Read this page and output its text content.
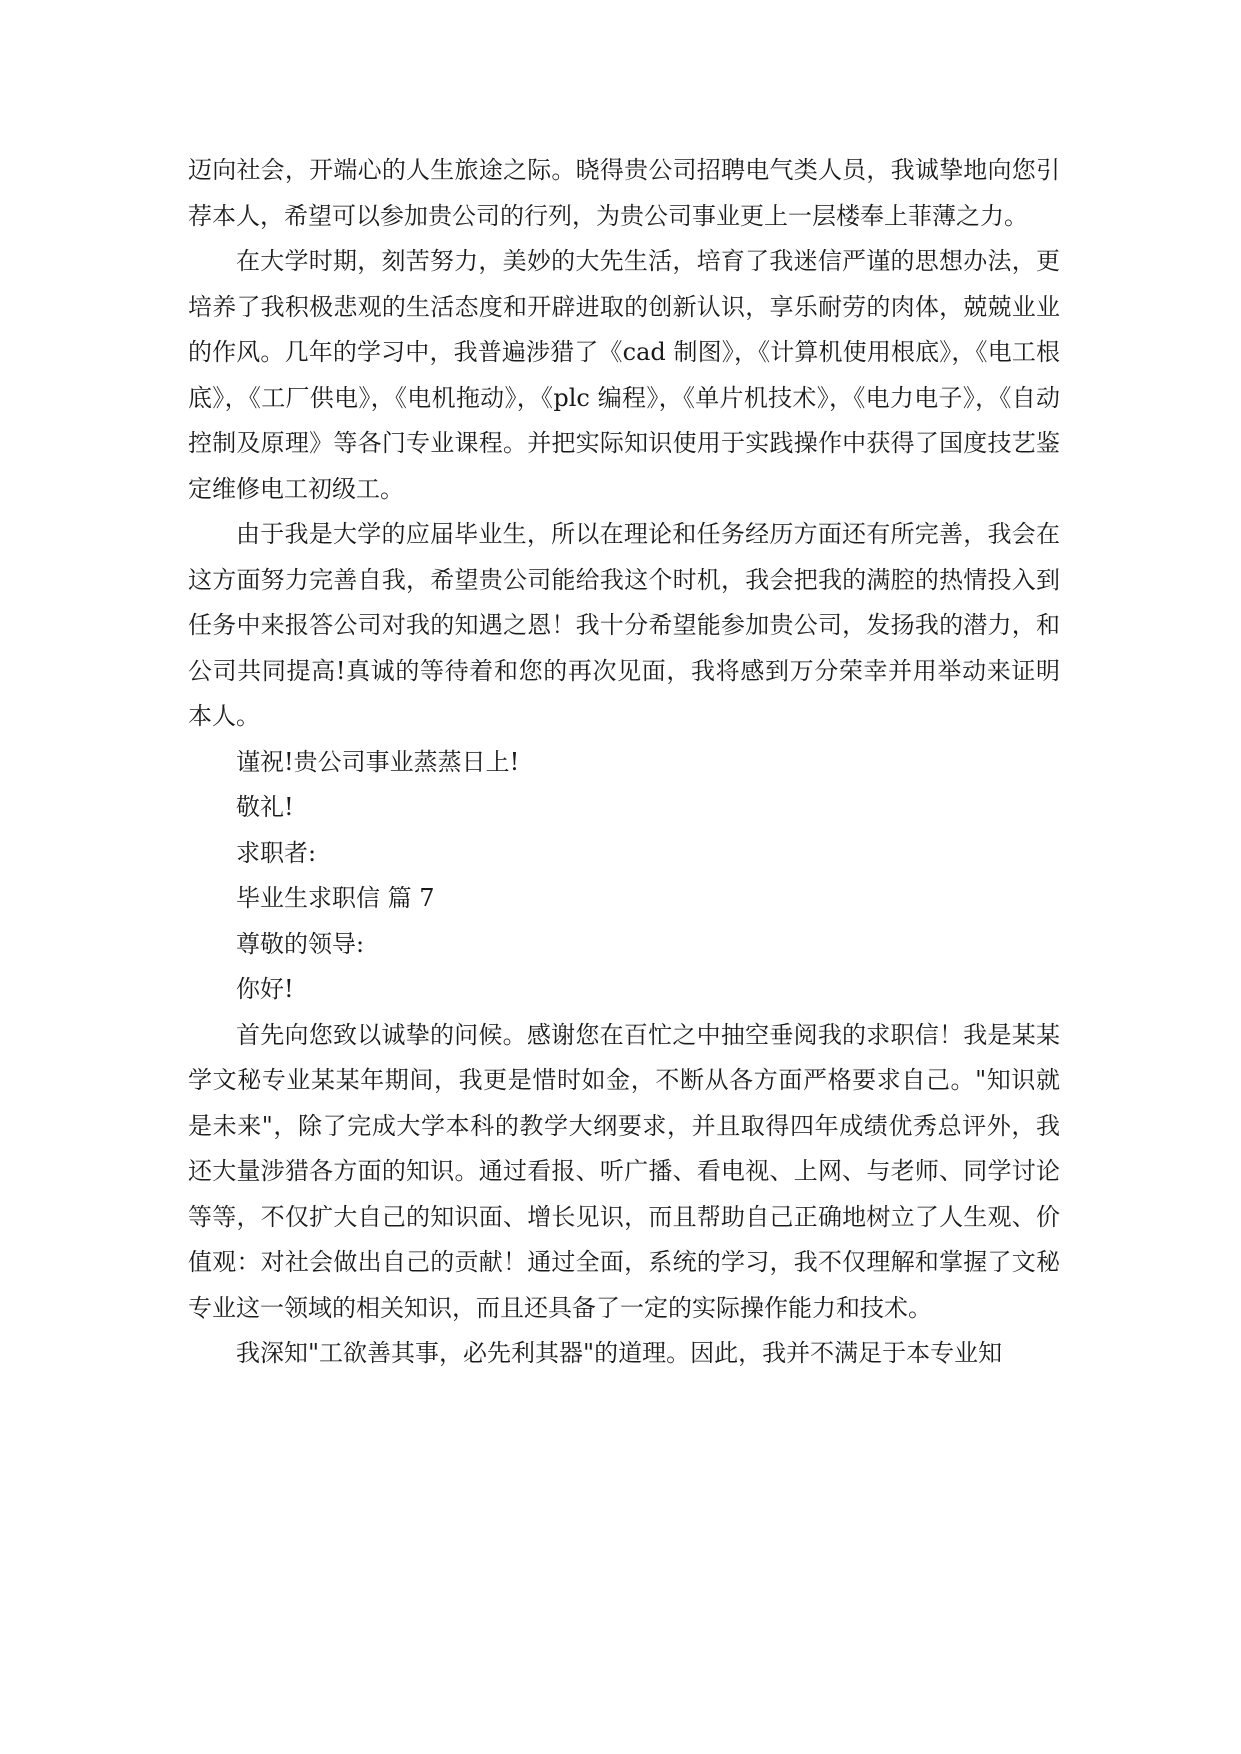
迈向社会，开端心的人生旅途之际。晓得贵公司招聘电气类人员，我诚挚地向您引荐本人，希望可以参加贵公司的行列，为贵公司事业更上一层楼奉上菲薄之力。

在大学时期，刻苦努力，美妙的大先生活，培育了我迷信严谨的思想办法，更培养了我积极悲观的生活态度和开辟进取的创新认识，享乐耐劳的肉体，兢兢业业的作风。几年的学习中，我普遍涉猎了《cad 制图》，《计算机使用根底》，《电工根底》，《工厂供电》，《电机拖动》，《plc 编程》，《单片机技术》，《电力电子》，《自动控制及原理》等各门专业课程。并把实际知识使用于实践操作中获得了国度技艺鉴定维修电工初级工。

由于我是大学的应届毕业生，所以在理论和任务经历方面还有所完善，我会在这方面努力完善自我，希望贵公司能给我这个时机，我会把我的满腔的热情投入到任务中来报答公司对我的知遇之恩！我十分希望能参加贵公司，发扬我的潜力，和公司共同提高!真诚的等待着和您的再次见面，我将感到万分荣幸并用举动来证明本人。

谨祝!贵公司事业蒸蒸日上!

敬礼!

求职者:

毕业生求职信 篇 7

尊敬的领导:

你好!

首先向您致以诚挚的问候。感谢您在百忙之中抽空垂阅我的求职信！我是某某学文秘专业某某年期间，我更是惜时如金，不断从各方面严格要求自己。"知识就是未来"，除了完成大学本科的教学大纲要求，并且取得四年成绩优秀总评外，我还大量涉猎各方面的知识。通过看报、听广播、看电视、上网、与老师、同学讨论等等，不仅扩大自己的知识面、增长见识，而且帮助自己正确地树立了人生观、价值观：对社会做出自己的贡献！通过全面，系统的学习，我不仅理解和掌握了文秘专业这一领域的相关知识，而且还具备了一定的实际操作能力和技术。

我深知"工欲善其事，必先利其器"的道理。因此，我并不满足于本专业知
